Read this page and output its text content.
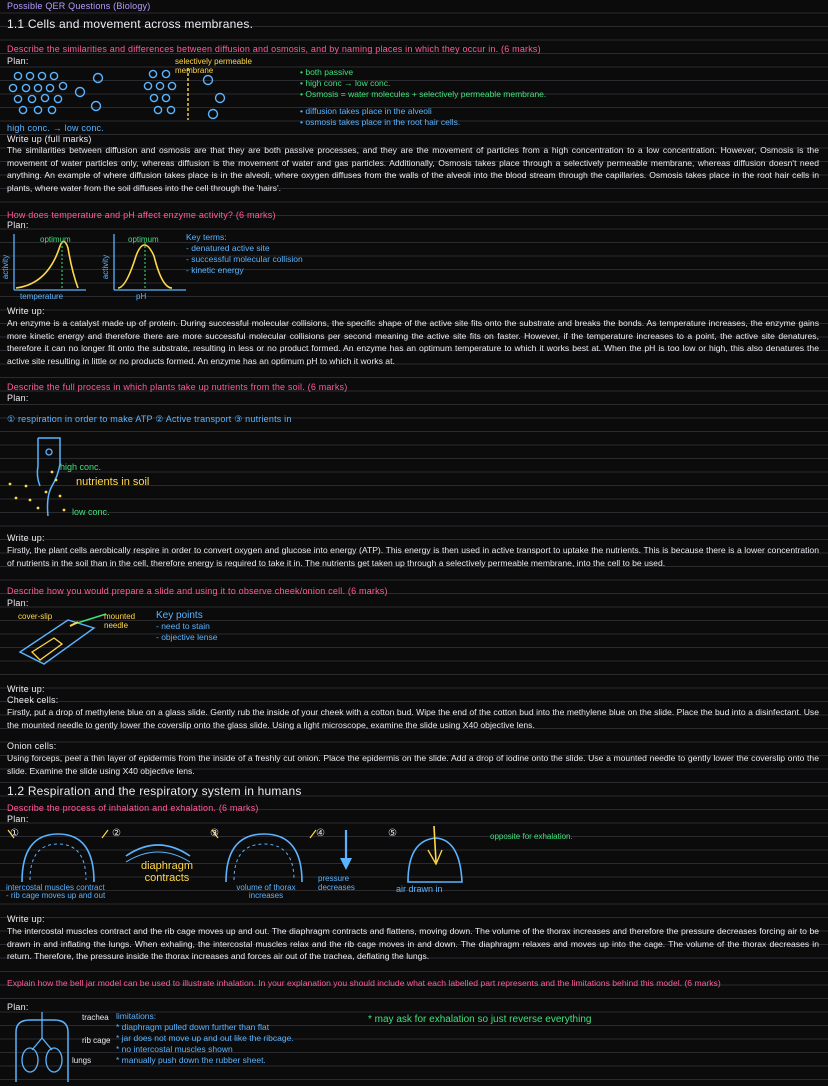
Possible QER Questions (Biology)
1.1 Cells and movement across membranes.
Describe the similarities and differences between diffusion and osmosis, and by naming places in which they occur in. (6 marks)
Plan:	selectively permeable membrane	• both passive
• high conc → low conc.
• Osmosis = water molecules + selectively permeable membrane.
• diffusion takes place in the alveoli
• osmosis takes place in the root hair cells.
high conc. → low conc.
Write up (full marks)
The similarities between diffusion and osmosis are that they are both passive processes, and they are the movement of particles from a high concentration to a low concentration. However, Osmosis is the movement of water particles only, whereas diffusion is the movement of water and gas particles. Additionally, Osmosis takes place through a selectively permeable membrane, whereas diffusion doesn't need anything. An example of where diffusion takes place is in the alveoli, where oxygen diffuses from the walls of the alveoli into the blood stream through the capillaries. Osmosis takes place in the root hair cells in plants, where water from the soil diffuses into the cell through the 'hairs'.
How does temperature and pH affect enzyme activity? (6 marks)
Plan:
optimum	optimum
activity	activity
temperature	pH
Key terms:
- denatured active site
- successful molecular collision
- kinetic energy
Write up:
An enzyme is a catalyst made up of protein. During successful molecular collisions, the specific shape of the active site fits onto the substrate and breaks the bonds. As temperature increases, the enzyme gains more kinetic energy and therefore there are more successful molecular collisions per second meaning the active site fits on faster. However, if the temperature increases to a point, the active site denatures, therefore it can no longer fit onto the substrate, resulting in less or no product formed. An enzyme has an optimum temperature to which it works best at. When the pH is too low or high, this also denatures the active site resulting in little or no products formed. An enzyme has an optimum pH to which it works at.
Describe the full process in which plants take up nutrients from the soil. (6 marks)
Plan:
① respiration in order to make ATP ② Active transport ③ nutrients in
high conc.
nutrients in soil
low conc.
Write up:
Firstly, the plant cells aerobically respire in order to convert oxygen and glucose into energy (ATP). This energy is then used in active transport to uptake the nutrients. This is because there is a lower concentration of nutrients in the soil than in the cell, therefore energy is required to take it in. The nutrients get taken up through a selectively permeable membrane, into the cell to be used.
Describe how you would prepare a slide and using it to observe cheek/onion cell. (6 marks)
Plan:
cover-slip	mounted needle
Key points
- need to stain
- objective lense
Write up:
Cheek cells:
Firstly, put a drop of methylene blue on a glass slide. Gently rub the inside of your cheek with a cotton bud. Wipe the end of the cotton bud into the methylene blue on the slide. Place the bud into a disinfectant. Use the mounted needle to gently lower the coverslip onto the glass slide. Using a light microscope, examine the slide using X40 objective lens.
Onion cells:
Using forceps, peel a thin layer of epidermis from the inside of a freshly cut onion. Place the epidermis on the slide. Add a drop of iodine onto the slide. Use a mounted needle to gently lower the coverslip onto the slide. Examine the slide using X40 objective lens.
1.2 Respiration and the respiratory system in humans
Describe the process of inhalation and exhalation. (6 marks)
Plan:
①	②	③	④	⑤
diaphragm contracts
intercostal muscles contract - rib cage moves up and out
volume of thorax increases
pressure decreases	air drawn in
opposite for exhalation.
Write up:
The intercostal muscles contract and the rib cage moves up and out. The diaphragm contracts and flattens, moving down. The volume of the thorax increases and therefore the pressure decreases forcing air to be drawn in and inflating the lungs. When exhaling, the intercostal muscles relax and the rib cage moves in and down. The diaphragm relaxes and moves up into the cage. The volume of the thorax decreases in return. Therefore, the pressure inside the thorax increases and forces air out of the trachea, deflating the lungs.
Explain how the bell jar model can be used to illustrate inhalation. In your explanation you should include what each labelled part represents and the limitations behind this model. (6 marks)
Plan:
trachea
rib cage
lungs
limitations:
* diaphragm pulled down further than flat
* jar does not move up and out like the ribcage.
* no intercostal muscles shown
* manually push down the rubber sheet.
* may ask for exhalation so just reverse everything
